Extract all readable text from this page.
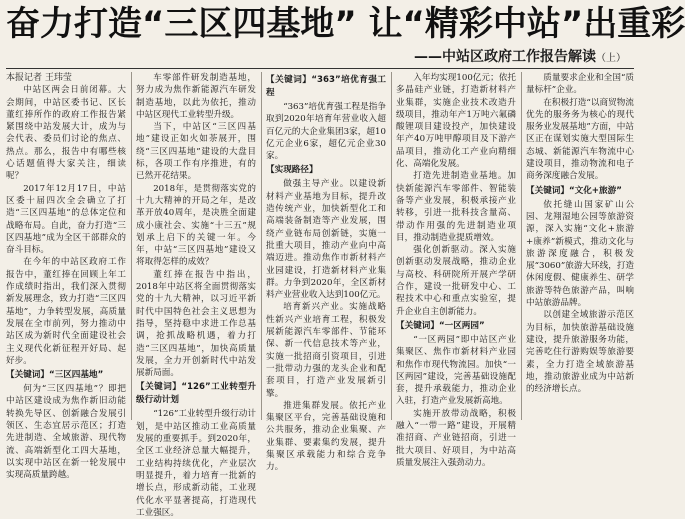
奋力打造“三区四基地” 让“精彩中站”出重彩
——中站区政府工作报告解读（上）

本报记者 王玮莹

中站区两会日前闭幕。大会期间，中站区委书记、区长董红捧所作的政府工作报告紧紧围绕中站发展大计，成为与会代表、委员们讨论的焦点、热点。那么，报告中有哪些核心话题值得大家关注，细读呢？

2017年12月17日，中站区委十届四次全会确立了打造“三区四基地”的总体定位和战略布局。自此，奋力打造“三区四基地”成为全区干部群众的奋斗目标。

在今年的中站区政府工作报告中，董红捧在回顾上年工作成绩时指出，我们深入贯彻新发展理念，致力打造“三区四基地”，力争转型发展，高质量发展在全市前列，努力推动中站区成为新时代全面建设社会主义现代化新征程开好局、起好步。

【关键词】“三区四基地”

何为“三区四基地”？即把中站区建设成为焦作新旧动能转换先导区、创新融合发展引领区、生态宜居示范区；打造先进制造、全域旅游、现代物流、高端新型化工四大基地，以实现中站区在新一轮发展中实现高质量跨越。

车零部件研发制造基地，努力成为焦作新能源汽车研发制造基地，以此为依托，推动中站区现代工业转型升级。

当下，中站区“三区四基地”建设正如火如荼展开，围绕“三区四基地”建设的大盘目标，各项工作有序推进，有的已然开花结果。

2018年，是贯彻落实党的十九大精神的开局之年，是改革开放40周年，是决胜全面建成小康社会、实施“十三五”规划承上启下的关键一年。今年，中站“三区四基地”建设又将取得怎样的成效？

董红捧在报告中指出，2018年中站区将全面贯彻落实党的十九大精神，以习近平新时代中国特色社会主义思想为指导，坚持稳中求进工作总基调，抢抓战略机遇，着力打造“三区四基地”，加快高质量发展，全力开创新时代中站发展新局面。

【关键词】“126”工业转型升级行动计划

“126”工业转型升级行动计划，是中站区推动工业高质量发展的重要抓手。到2020年，全区工业经济总量大幅提升，工业结构持续优化，产业层次明显提升，着力培育一批新的增长点，形成新动能，工业现代化水平显著提高，打造现代工业强区。

【关键词】“363”培优育强工程

“363”培优育强工程是指争取到2020年培育年营业收入超百亿元的大企业集团3家，超10亿元企业6家，超亿元企业30家。

【实现路径】

做强主导产业。以建设新材料产业基地为目标，提升改造传统产业，加快新型化工和高端装备制造等产业发展，围绕产业链布局创新链，实施一批重大项目，推动产业向中高端迈进。推动焦作市新材料产业园建设，打造新材料产业集群。力争到2020年，全区新材料产业营业收入达到100亿元。

培育新兴产业。实施战略性新兴产业培育工程，积极发展新能源汽车零部件、节能环保、新一代信息技术等产业，实施一批招商引资项目，引进一批带动力强的龙头企业和配套项目，打造产业发展新引擎。

推进集群发展。依托产业集聚区平台，完善基础设施和公共服务，推动企业集聚、产业集群、要素集约发展，提升集聚区承载能力和综合竞争力。

入年均实现100亿元；依托多晶硅产业链，打造新材料产业集群，实施企业技术改造升级项目，推动年产1万吨六氟磷酸锂项目建设投产，加快建设年产40万吨甲醇项目及下游产品项目，推动化工产业向精细化、高端化发展。

打造先进制造业基地。加快新能源汽车零部件、智能装备等产业发展，积极承接产业转移，引进一批科技含量高、带动作用强的先进制造业项目，推动制造业提质增效。

强化创新驱动。深入实施创新驱动发展战略，推动企业与高校、科研院所开展产学研合作，建设一批研发中心、工程技术中心和重点实验室，提升企业自主创新能力。

【关键词】“一区两园”

“一区两园”即中站区产业集聚区、焦作市新材料产业园和焦作市现代物流园。加快“一区两园”建设，完善基础设施配套，提升承载能力，推动企业入驻，打造产业发展新高地。

实施开放带动战略，积极融入“一带一路”建设，开展精准招商、产业链招商，引进一批大项目、好项目，为中站高质量发展注入强劲动力。

质量要求企业和全国“质量标杆”企业。

在积极打造“以商贸物流优先的服务务为核心的现代服务业发展基地”方面，中站区正在谋划实施大型国际生态城、新能源汽车物流中心建设项目，推动物流和电子商务深度融合发展。

【关键词】“文化+旅游”

依托缝山国家矿山公园、龙翔湿地公园等旅游资源，深入实施“文化+旅游+康养”新模式，推动文化与旅游深度融合，积极发展“3060”旅游大环线，打造休闲度假、健康养生、研学旅游等特色旅游产品，叫响中站旅游品牌。

以创建全域旅游示范区为目标，加快旅游基础设施建设，提升旅游服务功能，完善吃住行游购娱等旅游要素，全力打造全域旅游基地，推动旅游业成为中站新的经济增长点。
